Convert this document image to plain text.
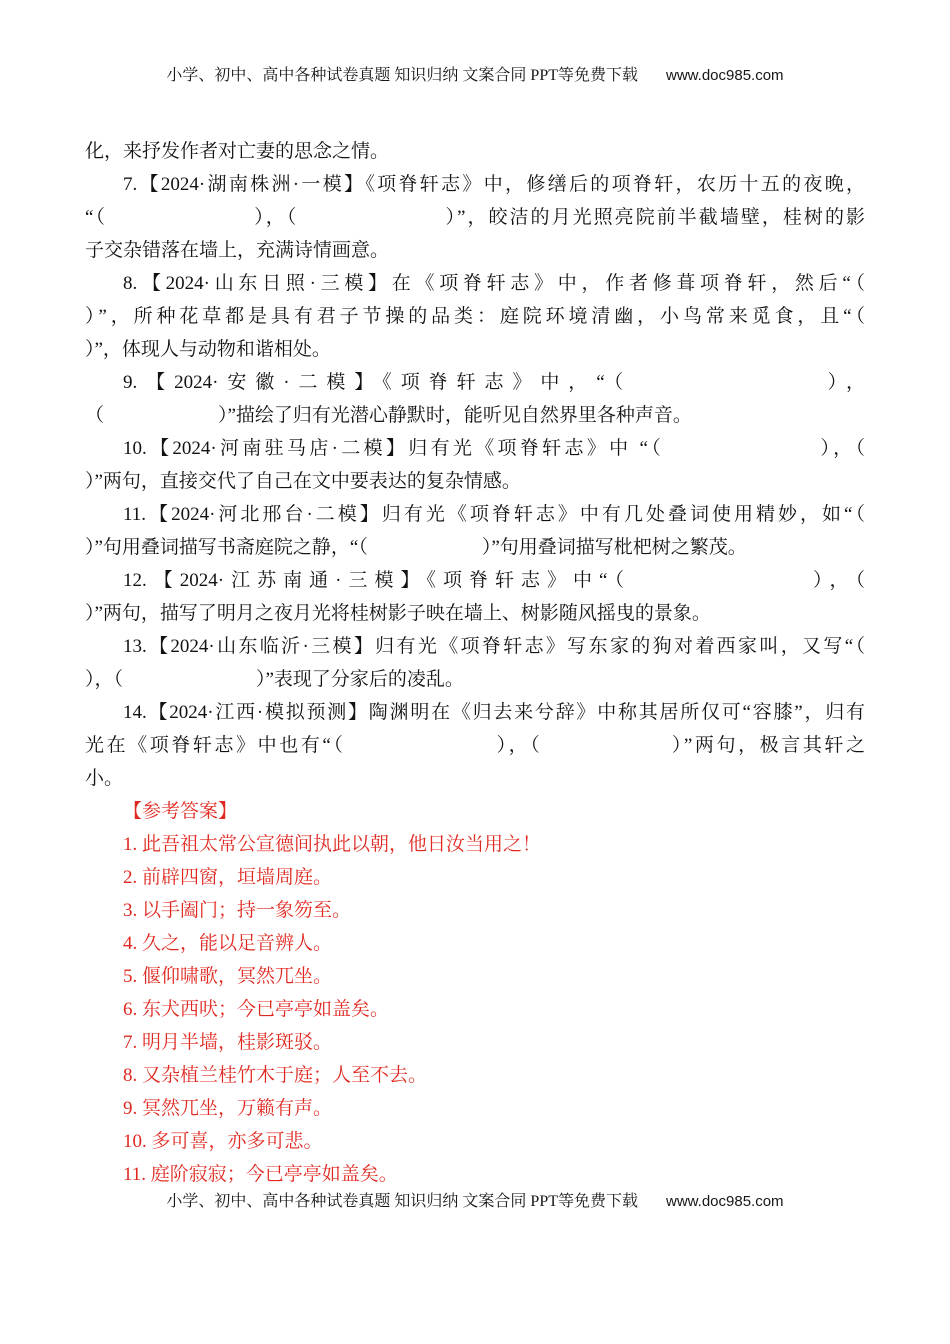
小学、初中、高中各种试卷真题 知识归纳 文案合同 PPT等免费下载 www.doc985.com
化，来抒发作者对亡妻的思念之情。
7.【2024·湖南株洲·一模】《项脊轩志》中，修缮后的项脊轩，农历十五的夜晚，
“（　　　　　　　），（　　　　　　　）”，皎洁的月光照亮院前半截墙壁，桂树的影
子交杂错落在墙上，充满诗情画意。
8.【2024·山东日照·三模】在《项脊轩志》中，作者修葺项脊轩，然后“（
）”，所种花草都是具有君子节操的品类：庭院环境清幽，小鸟常来觅食，且“（
）”，体现人与动物和谐相处。
9.【2024·安徽·二模】《项脊轩志》中，“（　　　　　　　），
（　　　　　　）”描绘了归有光潜心静默时，能听见自然界里各种声音。
10.【2024·河南驻马店·二模】归有光《项脊轩志》中 “（　　　　　　　），（
）”两句，直接交代了自己在文中要表达的复杂情感。
11.【2024·河北邢台·二模】归有光《项脊轩志》中有几处叠词使用精妙，如“（
）”句用叠词描写书斋庭院之静，“（　　　　　　）”句用叠词描写枇杷树之繁茂。
12.【2024·江苏南通·三模】《项脊轩志》中“（　　　　　　　），（
）”两句，描写了明月之夜月光将桂树影子映在墙上、树影随风摇曳的景象。
13.【2024·山东临沂·三模】归有光《项脊轩志》写东家的狗对着西家叫，又写“（
），（　　　　　　　）”表现了分家后的凌乱。
14.【2024·江西·模拟预测】陶渊明在《归去来兮辞》中称其居所仅可“容膝”，归有
光在《项脊轩志》中也有“（　　　　　　　），（　　　　　　）”两句，极言其轩之
小。
【参考答案】
1. 此吾祖太常公宣德间执此以朝，他日汝当用之！
2. 前辟四窗，垣墙周庭。
3. 以手阖门；持一象笏至。
4. 久之，能以足音辨人。
5. 偃仰啸歌，冥然兀坐。
6. 东犬西吠；今已亭亭如盖矣。
7. 明月半墙，桂影斑驳。
8. 又杂植兰桂竹木于庭；人至不去。
9. 冥然兀坐，万籁有声。
10. 多可喜，亦多可悲。
11. 庭阶寂寂；今已亭亭如盖矣。
小学、初中、高中各种试卷真题 知识归纳 文案合同 PPT等免费下载 www.doc985.com
